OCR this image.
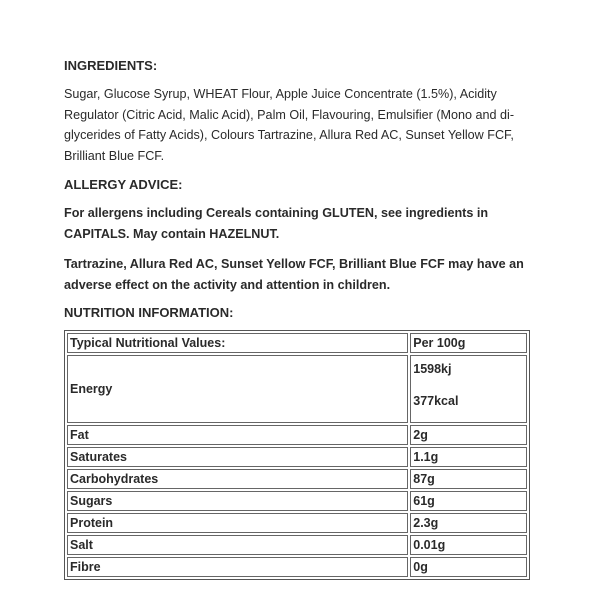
INGREDIENTS:

Sugar, Glucose Syrup, WHEAT Flour, Apple Juice Concentrate (1.5%), Acidity Regulator (Citric Acid, Malic Acid), Palm Oil, Flavouring, Emulsifier (Mono and di-glycerides of Fatty Acids), Colours Tartrazine, Allura Red AC, Sunset Yellow FCF, Brilliant Blue FCF.

ALLERGY ADVICE:

For allergens including Cereals containing GLUTEN, see ingredients in CAPITALS. May contain HAZELNUT.

Tartrazine, Allura Red AC, Sunset Yellow FCF, Brilliant Blue FCF may have an adverse effect on the activity and attention in children.

NUTRITION INFORMATION:

Typical Nutritional Values:	Per 100g
Energy	1598kj
377kcal

Fat	2g
Saturates	1.1g
Carbohydrates	87g
Sugars	61g
Protein	2.3g
Salt	0.01g
Fibre	0g
